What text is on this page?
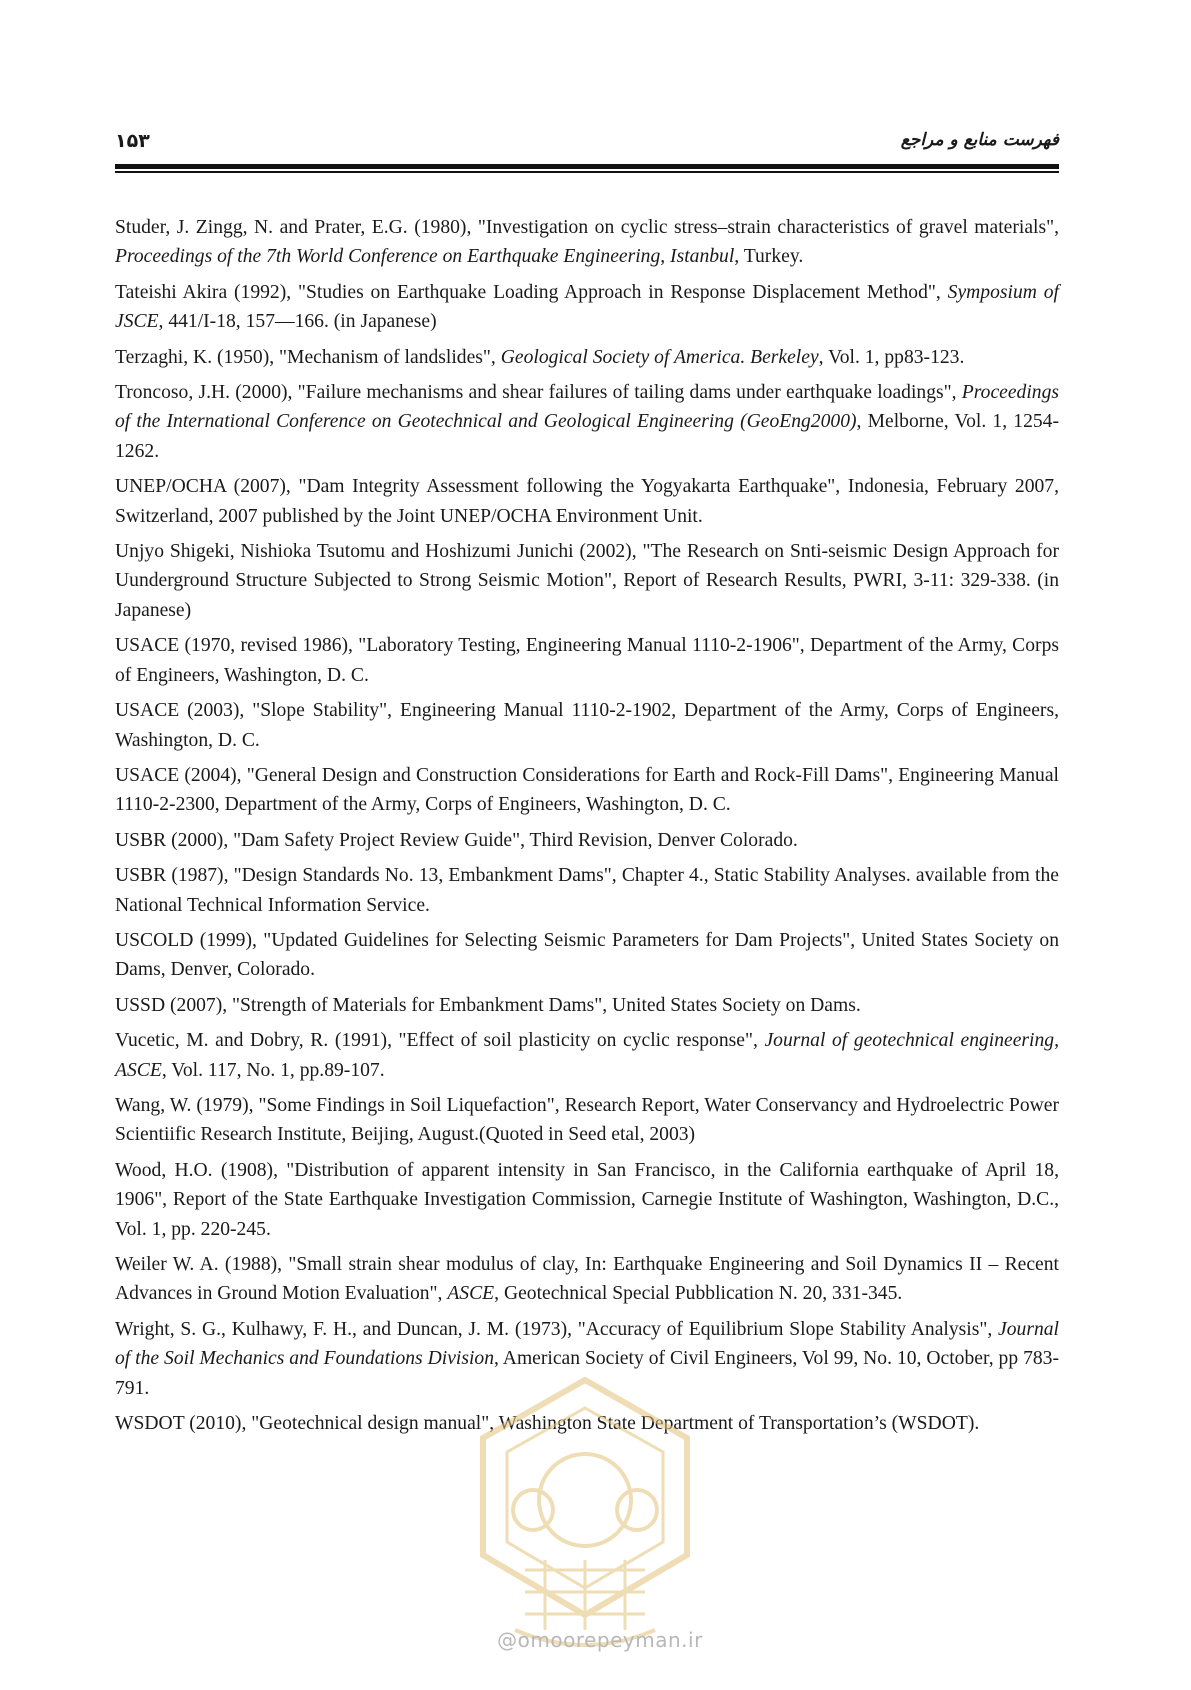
۱۵۳	فهرست منابع و مراجع

Studer, J. Zingg, N. and Prater, E.G. (1980), "Investigation on cyclic stress–strain characteristics of gravel materials", Proceedings of the 7th World Conference on Earthquake Engineering, Istanbul, Turkey.

Tateishi Akira (1992), "Studies on Earthquake Loading Approach in Response Displacement Method", Symposium of JSCE, 441/I-18, 157—166. (in Japanese)

Terzaghi, K. (1950), "Mechanism of landslides", Geological Society of America. Berkeley, Vol. 1, pp83-123.

Troncoso, J.H. (2000), "Failure mechanisms and shear failures of tailing dams under earthquake loadings", Proceedings of the International Conference on Geotechnical and Geological Engineering (GeoEng2000), Melborne, Vol. 1, 1254-1262.

UNEP/OCHA (2007), "Dam Integrity Assessment following the Yogyakarta Earthquake", Indonesia, February 2007, Switzerland, 2007 published by the Joint UNEP/OCHA Environment Unit.

Unjyo Shigeki, Nishioka Tsutomu and Hoshizumi Junichi (2002), "The Research on Snti-seismic Design Approach for Uunderground Structure Subjected to Strong Seismic Motion", Report of Research Results, PWRI, 3-11: 329-338. (in Japanese)

USACE (1970, revised 1986), "Laboratory Testing, Engineering Manual 1110-2-1906", Department of the Army, Corps of Engineers, Washington, D. C.

USACE (2003), "Slope Stability", Engineering Manual 1110-2-1902, Department of the Army, Corps of Engineers, Washington, D. C.

USACE (2004), "General Design and Construction Considerations for Earth and Rock-Fill Dams", Engineering Manual 1110-2-2300, Department of the Army, Corps of Engineers, Washington, D. C.

USBR (2000), "Dam Safety Project Review Guide", Third Revision, Denver Colorado.

USBR (1987), "Design Standards No. 13, Embankment Dams", Chapter 4., Static Stability Analyses. available from the National Technical Information Service.

USCOLD (1999), "Updated Guidelines for Selecting Seismic Parameters for Dam Projects", United States Society on Dams, Denver, Colorado.

USSD (2007), "Strength of Materials for Embankment Dams", United States Society on Dams.

Vucetic, M. and Dobry, R. (1991), "Effect of soil plasticity on cyclic response", Journal of geotechnical engineering, ASCE, Vol. 117, No. 1, pp.89-107.

Wang, W. (1979), "Some Findings in Soil Liquefaction", Research Report, Water Conservancy and Hydroelectric Power Scientiific Research Institute, Beijing, August.(Quoted in Seed etal, 2003)

Wood, H.O. (1908), "Distribution of apparent intensity in San Francisco, in the California earthquake of April 18, 1906", Report of the State Earthquake Investigation Commission, Carnegie Institute of Washington, Washington, D.C., Vol. 1, pp. 220-245.

Weiler W. A. (1988), "Small strain shear modulus of clay, In: Earthquake Engineering and Soil Dynamics II – Recent Advances in Ground Motion Evaluation", ASCE, Geotechnical Special Pubblication N. 20, 331-345.

Wright, S. G., Kulhawy, F. H., and Duncan, J. M. (1973), "Accuracy of Equilibrium Slope Stability Analysis", Journal of the Soil Mechanics and Foundations Division, American Society of Civil Engineers, Vol 99, No. 10, October, pp 783-791.

WSDOT (2010), "Geotechnical design manual", Washington State Department of Transportation’s (WSDOT).

@omoorepeyman.ir
